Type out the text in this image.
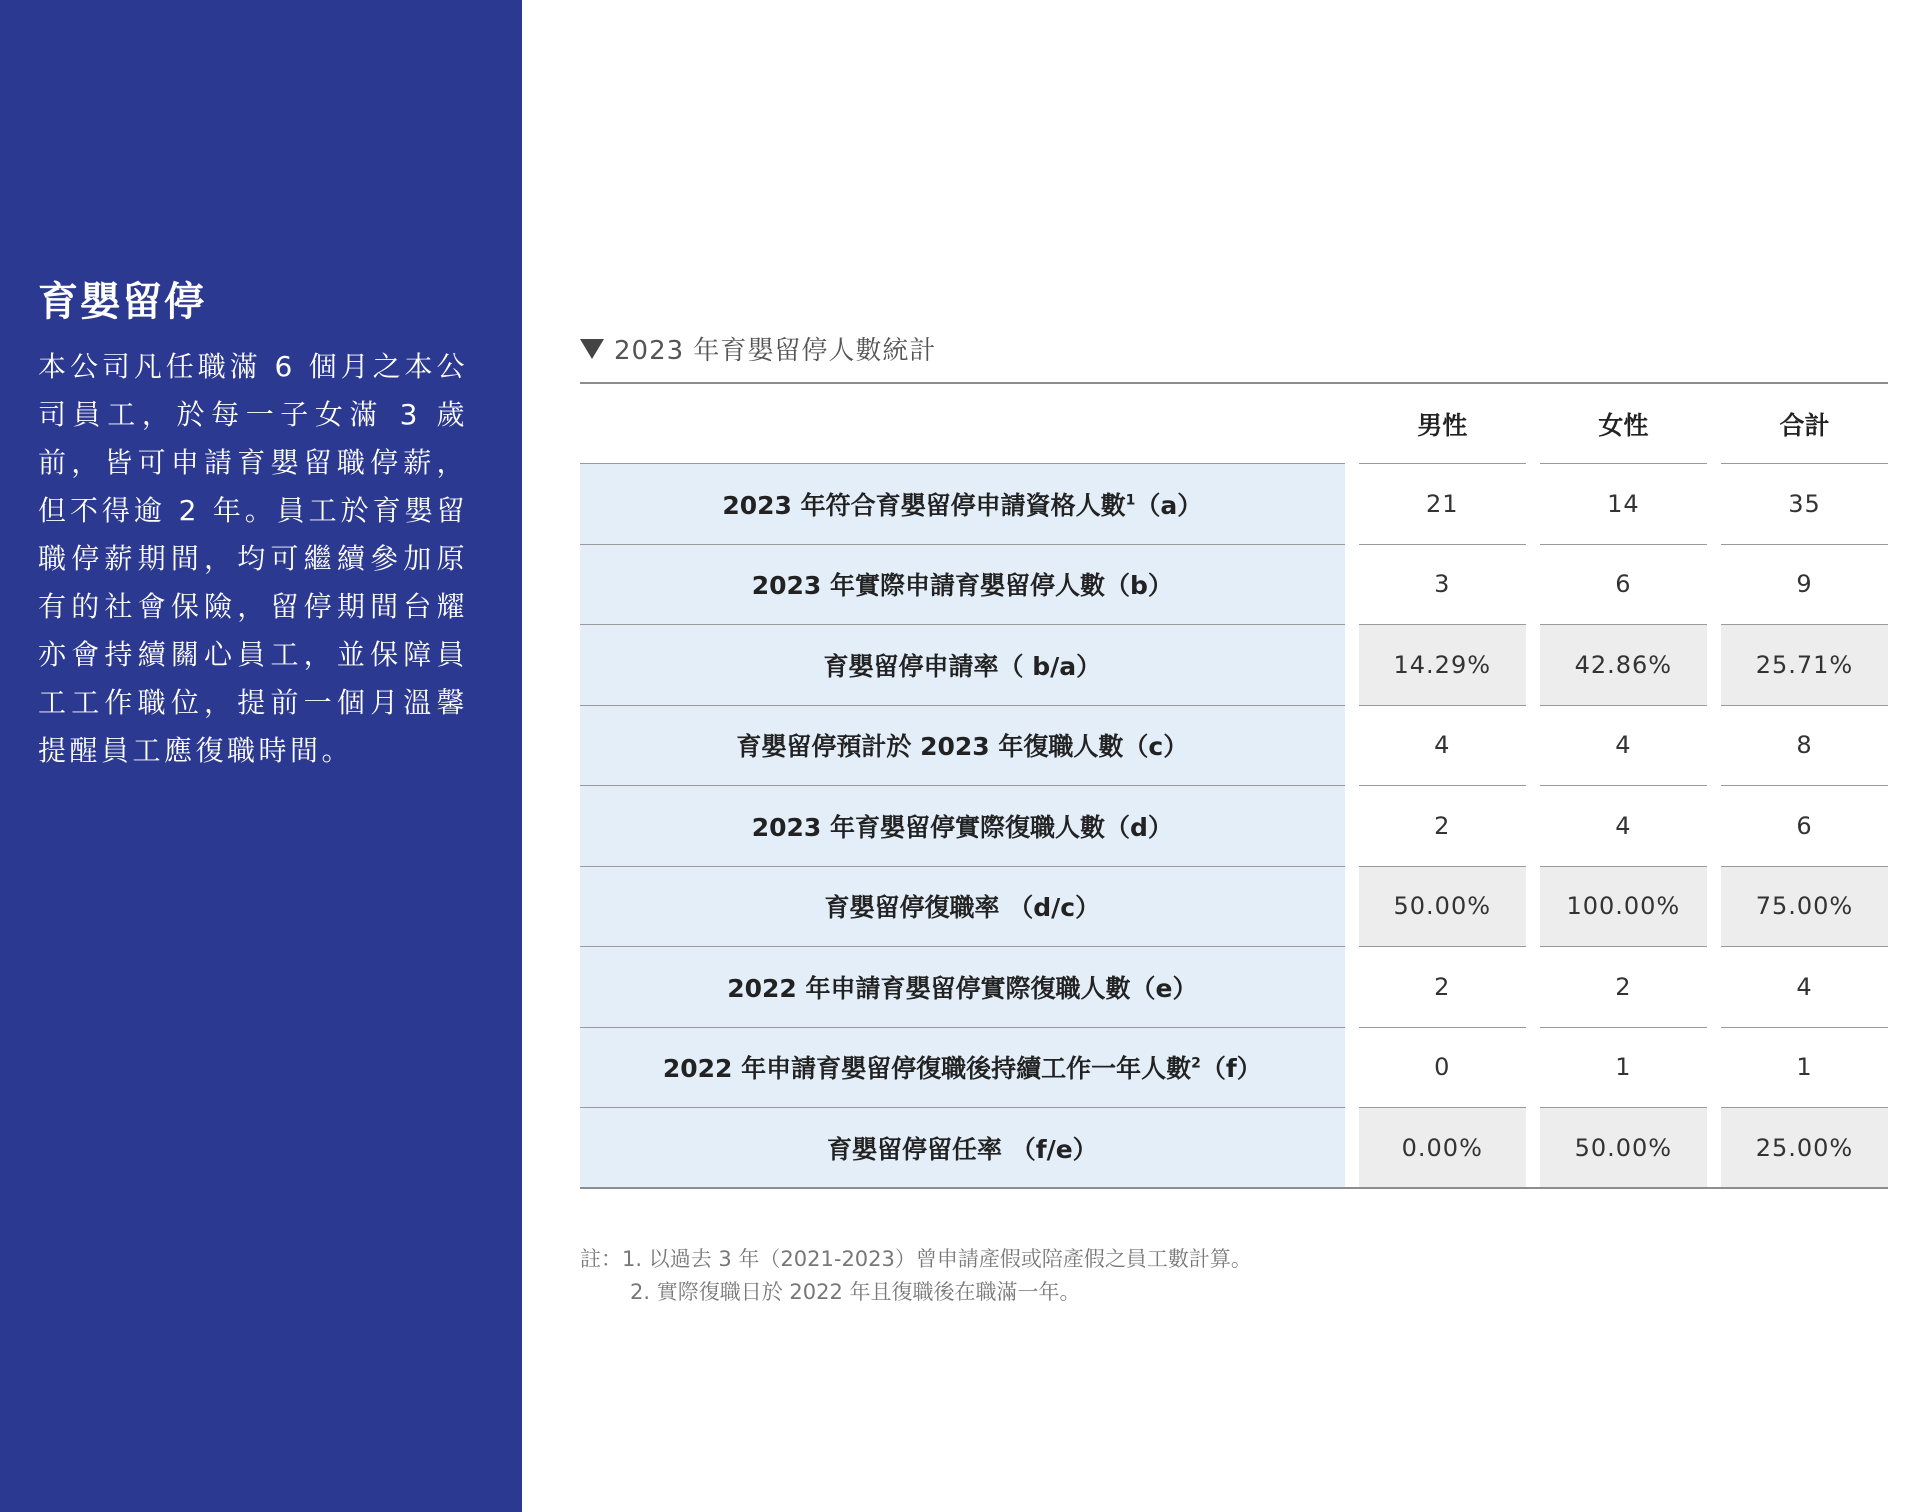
育嬰留停

本公司凡任職滿 6 個月之本公司員工，於每一子女滿 3 歲前，皆可申請育嬰留職停薪，但不得逾 2 年。員工於育嬰留職停薪期間，均可繼續參加原有的社會保險，留停期間台耀亦會持續關心員工，並保障員工工作職位，提前一個月溫馨提醒員工應復職時間。

2023 年育嬰留停人數統計
		男性		女性		合計
2023 年符合育嬰留停申請資格人數$^1$（a）		21		14		35
2023 年實際申請育嬰留停人數（b）		3		6		9
育嬰留停申請率（ b/a）		14.29%		42.86%		25.71%
育嬰留停預計於 2023 年復職人數（c）		4		4		8
2023 年育嬰留停實際復職人數（d）		2		4		6
育嬰留停復職率 （d/c）		50.00%		100.00%		75.00%
2022 年申請育嬰留停實際復職人數（e）		2		2		4
2022 年申請育嬰留停復職後持續工作一年人數$^2$（f）		0		1		1
育嬰留停留任率 （f/e）		0.00%		50.00%		25.00%
註：1. 以過去 3 年（2021-2023）曾申請產假或陪產假之員工數計算。
2. 實際復職日於 2022 年且復職後在職滿一年。
